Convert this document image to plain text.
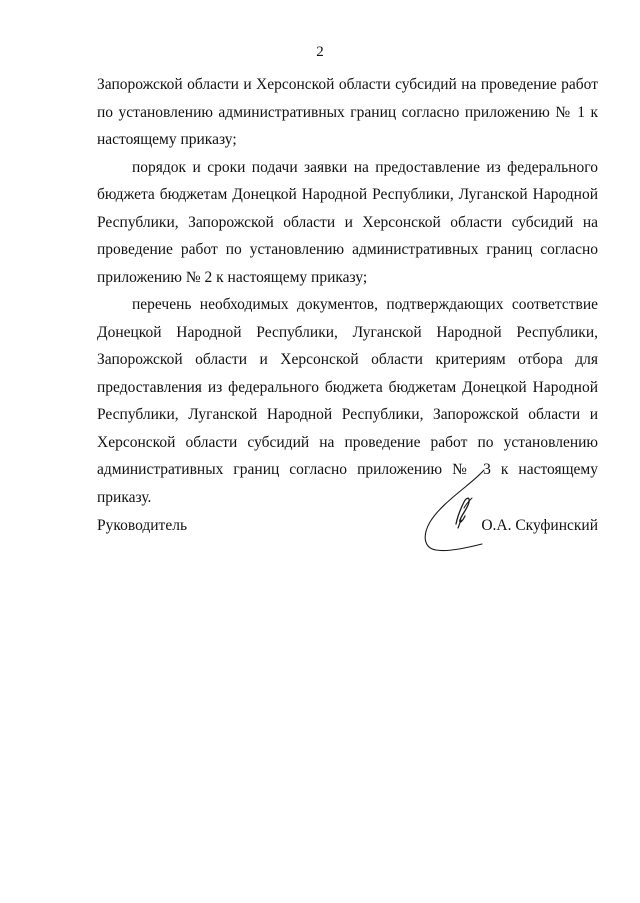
2

Запорожской области и Херсонской области субсидий на проведение работ по установлению административных границ согласно приложению № 1 к настоящему приказу;

порядок и сроки подачи заявки на предоставление из федерального бюджета бюджетам Донецкой Народной Республики, Луганской Народной Республики, Запорожской области и Херсонской области субсидий на проведение работ по установлению административных границ согласно приложению № 2 к настоящему приказу;

перечень необходимых документов, подтверждающих соответствие Донецкой Народной Республики, Луганской Народной Республики, Запорожской области и Херсонской области критериям отбора для предоставления из федерального бюджета бюджетам Донецкой Народной Республики, Луганской Народной Республики, Запорожской области и Херсонской области субсидий на проведение работ по установлению административных границ согласно приложению № 3 к настоящему приказу.

Руководитель	О.А. Скуфинский
